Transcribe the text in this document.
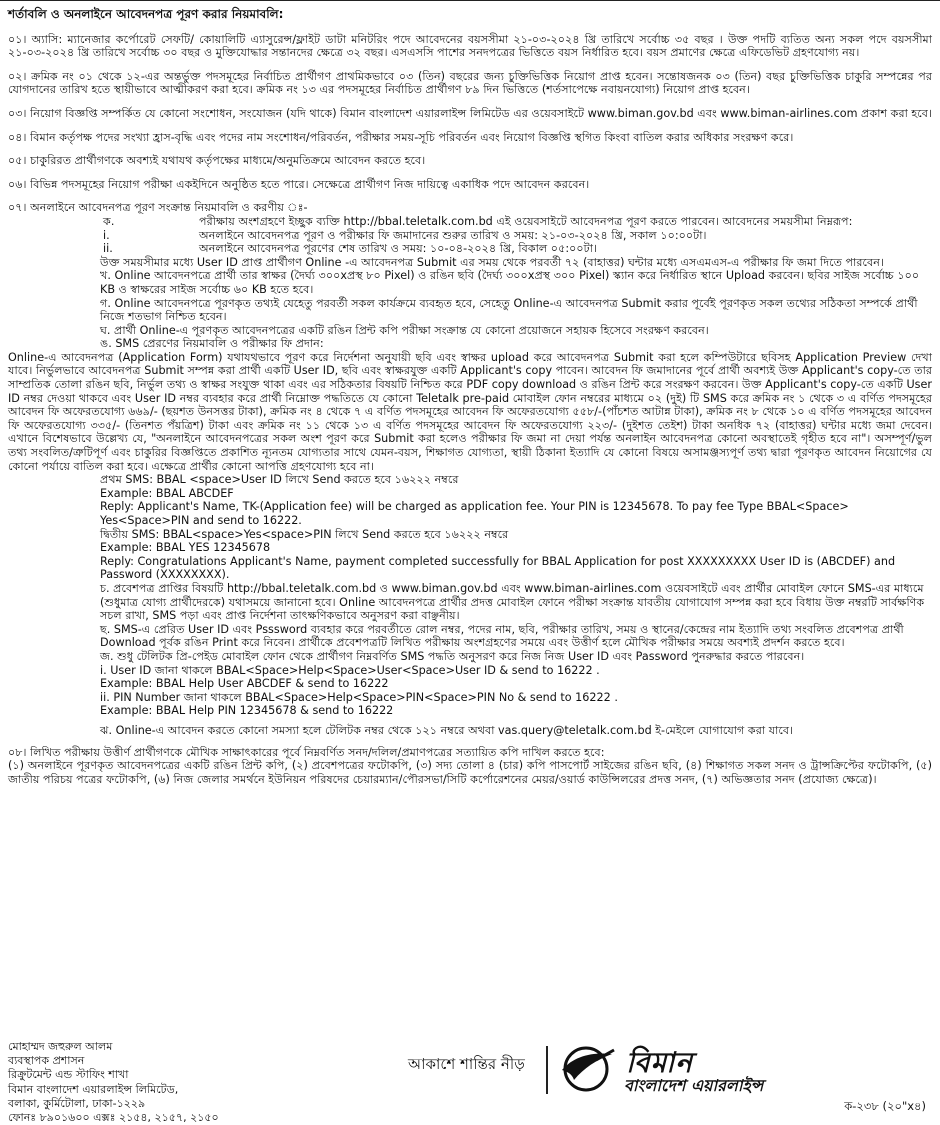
শর্তাবলি ও অনলাইনে আবেদনপত্র পূরণ করার নিয়মাবলি:

০১। অ্যাসি: ম্যানেজার কর্পোরেট সেফটি/ কোয়ালিটি এ্যাসুরেন্স/ফ্লাইট ডাটা মনিটরিং পদে আবেদনের বয়সসীমা ২১-০৩-২০২৪ খ্রি তারিখে সর্বোচ্চ ৩৫ বছর । উক্ত পদটি ব্যতিত অন্য সকল পদে বয়সসীমা ২১-০৩-২০২৪ খ্রি তারিখে সর্বোচ্চ ৩০ বছর ও মুক্তিযোদ্ধার সন্তানদের ক্ষেত্রে ৩২ বছর। এসএসসি পাশের সনদপত্রের ভিত্তিতে বয়স নির্ধারিত হবে। বয়স প্রমাণের ক্ষেত্রে এফিডেভিট গ্রহণযোগ্য নয়।

০২। ক্রমিক নং ০১ থেকে ১২-এর অন্তর্ভুক্ত পদসমূহের নির্বাচিত প্রার্থীগণ প্রাথমিকভাবে ০৩ (তিন) বছরের জন্য চুক্তিভিত্তিক নিয়োগ প্রাপ্ত হবেন। সন্তোষজনক ০৩ (তিন) বছর চুক্তিভিত্তিক চাকুরি সম্পন্নের পর যোগদানের তারিখ হতে স্থায়ীভাবে আত্মীকরণ করা হবে। ক্রমিক নং ১৩ এর পদসমূহের নির্বাচিত প্রার্থীগণ ৮৯ দিন ভিত্তিতে (শর্তসাপেক্ষে নবায়নযোগ্য) নিয়োগ প্রাপ্ত হবেন।

০৩। নিয়োগ বিজ্ঞপ্তি সম্পর্কিত যে কোনো সংশোধন, সংযোজন (যদি থাকে) বিমান বাংলাদেশ এয়ারলাইন্স লিমিটেড এর ওয়েবসাইটে www.biman.gov.bd এবং www.biman-airlines.com প্রকাশ করা হবে।

০৪। বিমান কর্তৃপক্ষ পদের সংখ্যা হ্রাস-বৃদ্ধি এবং পদের নাম সংশোধন/পরিবর্তন, পরীক্ষার সময়-সূচি পরিবর্তন এবং নিয়োগ বিজ্ঞপ্তি স্থগিত কিংবা বাতিল করার অধিকার সংরক্ষণ করে।

০৫। চাকুরিরত প্রার্থীগণকে অবশ্যই যথাযথ কর্তৃপক্ষের মাধ্যমে/অনুমতিক্রমে আবেদন করতে হবে।

০৬। বিভিন্ন পদসমূহের নিয়োগ পরীক্ষা একইদিনে অনুষ্ঠিত হতে পারে। সেক্ষেত্রে প্রার্থীগণ নিজ দায়িত্বে একাধিক পদে আবেদন করবেন।

০৭। অনলাইনে আবেদনপত্র পূরণ সংক্রান্ত নিয়মাবলি ও করণীয় ঃ-
ক.	পরীক্ষায় অংশগ্রহণে ইচ্ছুক ব্যক্তি http://bbal.teletalk.com.bd এই ওয়েবসাইটে আবেদনপত্র পূরণ করতে পারবেন। আবেদনের সময়সীমা নিম্নরূপ:
i.	অনলাইনে আবেদনপত্র পূরণ ও পরীক্ষার ফি জমাদানের শুরুর তারিখ ও সময়: ২১-০৩-২০২৪ খ্রি, সকাল ১০:০০টা।
ii.	অনলাইনে আবেদনপত্র পূরণের শেষ তারিখ ও সময়: ১০-০৪-২০২৪ খ্রি, বিকাল ০৫:০০টা।
উক্ত সময়সীমার মধ্যে User ID প্রাপ্ত প্রার্থীগণ Online -এ আবেদনপত্র Submit এর সময় থেকে পরবর্তী ৭২ (বাহাত্তর) ঘন্টার মধ্যে এসএমএস-এ পরীক্ষার ফি জমা দিতে পারবেন।
খ. Online আবেদনপত্রে প্রার্থী তার স্বাক্ষর (দৈর্ঘ্য ৩০০xপ্রস্থ ৮০ Pixel) ও রঙিন ছবি (দৈর্ঘ্য ৩০০xপ্রস্থ ৩০০ Pixel) স্ক্যান করে নির্ধারিত স্থানে Upload করবেন। ছবির সাইজ সর্বোচ্চ ১০০ KB ও স্বাক্ষরের সাইজ সর্বোচ্চ ৬০ KB হতে হবে।
গ. Online আবেদনপত্রে পূরণকৃত তথ্যই যেহেতু পরবর্তী সকল কার্যক্রমে ব্যবহৃত হবে, সেহেতু Online-এ আবেদনপত্র Submit করার পূর্বেই পূরণকৃত সকল তথ্যের সঠিকতা সম্পর্কে প্রার্থী নিজে শতভাগ নিশ্চিত হবেন।
ঘ. প্রার্থী Online-এ পূরণকৃত আবেদনপত্রের একটি রঙিন প্রিন্ট কপি পরীক্ষা সংক্রান্ত যে কোনো প্রয়োজনে সহায়ক হিসেবে সংরক্ষণ করবেন।
ঙ. SMS প্রেরণের নিয়মাবলি ও পরীক্ষার ফি প্রদান:
Online-এ আবেদনপত্র (Application Form) যথাযথভাবে পূরণ করে নির্দেশনা অনুযায়ী ছবি এবং স্বাক্ষর upload করে আবেদনপত্র Submit করা হলে কম্পিউটারে ছবিসহ Application Preview দেখা যাবে। নির্ভুলভাবে আবেদনপত্র Submit সম্পন্ন করা প্রার্থী একটি User ID, ছবি এবং স্বাক্ষরযুক্ত একটি Applicant's copy পাবেন। আবেদন ফি জমাদানের পূর্বে প্রার্থী অবশ্যই উক্ত Applicant's copy-তে তার সাম্প্রতিক তোলা রঙিন ছবি, নির্ভুল তথ্য ও স্বাক্ষর সংযুক্ত থাকা এবং এর সঠিকতার বিষয়টি নিশ্চিত করে PDF copy download ও রঙিন প্রিন্ট করে সংরক্ষণ করবেন। উক্ত Applicant's copy-তে একটি User ID নম্বর দেওয়া থাকবে এবং User ID নম্বর ব্যবহার করে প্রার্থী নিম্নোক্ত পদ্ধতিতে যে কোনো Teletalk pre-paid মোবাইল ফোন নম্বরের মাধ্যমে ০২ (দুই) টি SMS করে ক্রমিক নং ১ থেকে ৩ এ বর্ণিত পদসমূহের আবেদন ফি অফেরতযোগ্য ৬৬৯/- (ছয়শত উনসত্তর টাকা), ক্রমিক নং ৪ থেকে ৭ এ বর্ণিত পদসমূহের আবেদন ফি অফেরতযোগ্য ৫৫৮/-(পাঁচশত আটান্ন টাকা), ক্রমিক নং ৮ থেকে ১০ এ বর্ণিত পদসমূহের আবেদন ফি অফেরতযোগ্য ৩৩৫/- (তিনশত পঁয়ত্রিশ) টাকা এবং ক্রমিক নং ১১ থেকে ১৩ এ বর্ণিত পদসমূহের আবেদন ফি অফেরতযোগ্য ২২৩/- (দুইশত তেইশ) টাকা অনধিক ৭২ (বাহাত্তর) ঘন্টার মধ্যে জমা দেবেন। এখানে বিশেষভাবে উল্লেখ্য যে, "অনলাইনে আবেদনপত্রের সকল অংশ পূরণ করে Submit করা হলেও পরীক্ষার ফি জমা না দেয়া পর্যন্ত অনলাইন আবেদনপত্র কোনো অবস্থাতেই গৃহীত হবে না"। অসম্পূর্ণ/ভুল তথ্য সংবলিত/ত্রুটিপূর্ণ এবং চাকুরির বিজ্ঞপ্তিতে প্রকাশিত ন্যূনতম যোগ্যতার সাথে যেমন-বয়স, শিক্ষাগত যোগ্যতা, স্থায়ী ঠিকানা ইত্যাদি যে কোনো বিষয়ে অসামঞ্জস্যপূর্ণ তথ্য দ্বারা পূরণকৃত আবেদন নিয়োগের যে কোনো পর্যায়ে বাতিল করা হবে। এক্ষেত্রে প্রার্থীর কোনো আপত্তি গ্রহণযোগ্য হবে না।
প্রথম SMS: BBAL <space>User ID লিখে Send করতে হবে ১৬২২২ নম্বরে
Example: BBAL ABCDEF
Reply: Applicant's Name, TK-(Application fee) will be charged as application fee. Your PIN is 12345678. To pay fee Type BBAL<Space> Yes<Space>PIN and send to 16222.
দ্বিতীয় SMS: BBAL<space>Yes<space>PIN লিখে Send করতে হবে ১৬২২২ নম্বরে
Example: BBAL YES 12345678
Reply: Congratulations Applicant's Name, payment completed successfully for BBAL Application for post XXXXXXXXX User ID is (ABCDEF) and Password (XXXXXXXX).
চ. প্রবেশপত্র প্রাপ্তির বিষয়টি http://bbal.teletalk.com.bd ও www.biman.gov.bd এবং www.biman-airlines.com ওয়েবসাইটে এবং প্রার্থীর মোবাইল ফোনে SMS-এর মাধ্যমে (শুধুমাত্র যোগ্য প্রার্থীদেরকে) যথাসময়ে জানানো হবে। Online আবেদনপত্রে প্রার্থীর প্রদত্ত মোবাইল ফোনে পরীক্ষা সংক্রান্ত যাবতীয় যোগাযোগ সম্পন্ন করা হবে বিধায় উক্ত নম্বরটি সার্বক্ষণিক সচল রাখা, SMS পড়া এবং প্রাপ্ত নির্দেশনা তাৎক্ষণিকভাবে অনুসরণ করা বাঞ্ছনীয়।
ছ. SMS-এ প্রেরিত User ID এবং Psssword ব্যবহার করে পরবর্তীতে রোল নম্বর, পদের নাম, ছবি, পরীক্ষার তারিখ, সময় ও স্থানের/কেন্দ্রের নাম ইত্যাদি তথ্য সংবলিত প্রবেশপত্র প্রার্থী Download পূর্বক রঙিন Print করে নিবেন। প্রার্থীকে প্রবেশপত্রটি লিখিত পরীক্ষায় অংশগ্রহণের সময়ে এবং উত্তীর্ণ হলে মৌখিক পরীক্ষার সময়ে অবশ্যই প্রদর্শন করতে হবে।
জ. শুধু টেলিটক প্রি-পেইড মোবাইল ফোন থেকে প্রার্থীগণ নিম্নবর্ণিত SMS পদ্ধতি অনুসরণ করে নিজ নিজ User ID এবং Password পুনরুদ্ধার করতে পারবেন।
i. User ID জানা থাকলে BBAL<Space>Help<Space>User<Space>User ID & send to 16222 .
Example: BBAL Help User ABCDEF & send to 16222
ii. PIN Number জানা থাকলে BBAL<Space>Help<Space>PIN<Space>PIN No & send to 16222 .
Example: BBAL Help PIN 12345678 & send to 16222
ঝ. Online-এ আবেদন করতে কোনো সমস্যা হলে টেলিটক নম্বর থেকে ১২১ নম্বরে অথবা vas.query@teletalk.com.bd ই-মেইলে যোগাযোগ করা যাবে।
০৮। লিখিত পরীক্ষায় উত্তীর্ণ প্রার্থীগণকে মৌখিক সাক্ষাৎকারের পূর্বে নিম্নবর্ণিত সনদ/দলিল/প্রমাণপত্রের সত্যায়িত কপি দাখিল করতে হবে:
(১) অনলাইনে পূরণকৃত আবেদনপত্রের একটি রঙিন প্রিন্ট কপি, (২) প্রবেশপত্রের ফটোকপি, (৩) সদ্য তোলা ৪ (চার) কপি পাসপোর্ট সাইজের রঙিন ছবি, (৪) শিক্ষাগত সকল সনদ ও ট্রান্সক্রিপ্টের ফটোকপি, (৫) জাতীয় পরিচয় পত্রের ফটোকপি, (৬) নিজ জেলার সমর্থনে ইউনিয়ন পরিষদের চেয়ারম্যান/পৌরসভা/সিটি কর্পোরেশনের মেয়র/ওয়ার্ড কাউন্সিলরের প্রদত্ত সনদ, (৭) অভিজ্ঞতার সনদ (প্রযোজ্য ক্ষেত্রে)।
মোহাম্মদ জহুরুল আলম
ব্যবস্থাপক প্রশাসন
রিক্রুটমেন্ট এন্ড স্টাফিং শাখা
বিমান বাংলাদেশ এয়ারলাইন্স লিমিটেড,
বলাকা, কুর্মিটোলা, ঢাকা-১২২৯
ফোনঃ ৮৯০১৬০০ এক্সঃ ২১৫৪, ২১৫৭, ২১৫০
আকাশে শান্তির নীড়	বিমান
বাংলাদেশ এয়ারলাইন্স
ক-২৩৮ (২০"x৪)
